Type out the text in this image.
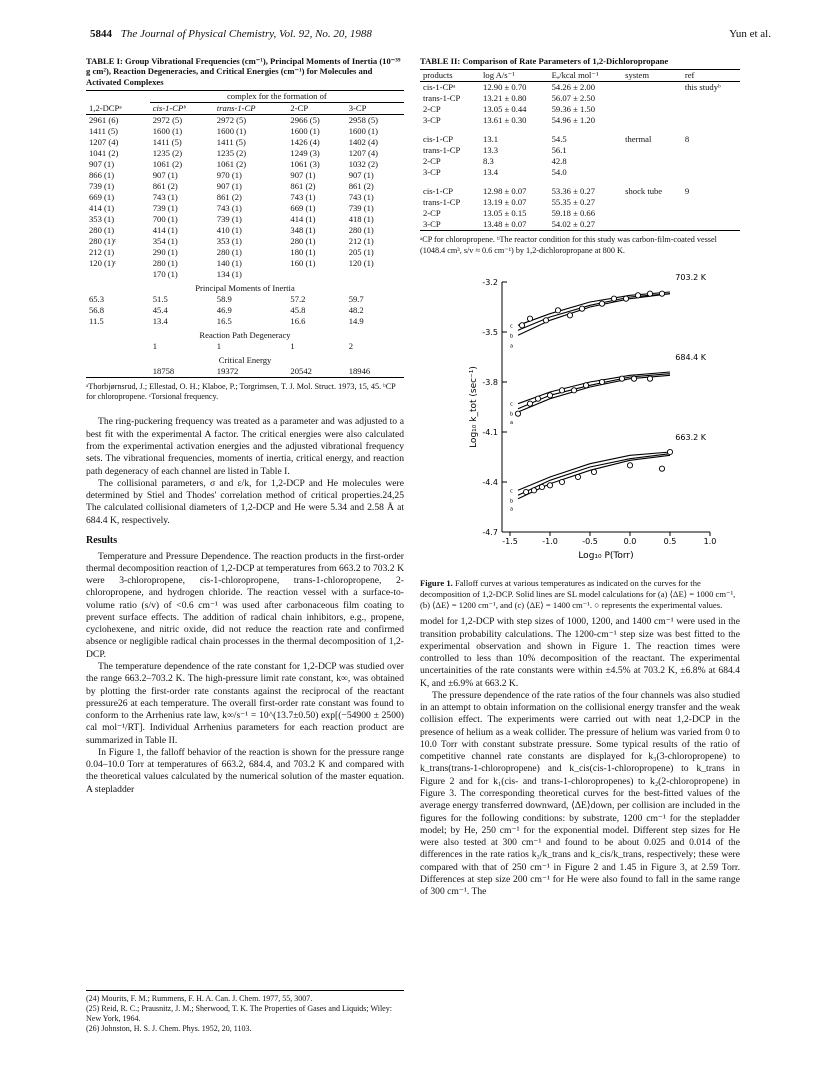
5844 The Journal of Physical Chemistry, Vol. 92, No. 20, 1988	Yun et al.
TABLE I: Group Vibrational Frequencies (cm⁻¹), Principal Moments of Inertia (10⁻³⁹ g cm²), Reaction Degeneracies, and Critical Energies (cm⁻¹) for Molecules and Activated Complexes
	complex for the formation of			
1,2-DCPᵃ	cis-1-CPᵇ	trans-1-CP	2-CP	3-CP
2961 (6)	2972 (5)	2972 (5)	2966 (5)	2958 (5)
1411 (5)	1600 (1)	1600 (1)	1600 (1)	1600 (1)
1207 (4)	1411 (5)	1411 (5)	1426 (4)	1402 (4)
1041 (2)	1235 (2)	1235 (2)	1249 (3)	1207 (4)
907 (1)	1061 (2)	1061 (2)	1061 (3)	1032 (2)
866 (1)	907 (1)	970 (1)	907 (1)	907 (1)
739 (1)	861 (2)	907 (1)	861 (2)	861 (2)
669 (1)	743 (1)	861 (2)	743 (1)	743 (1)
414 (1)	739 (1)	743 (1)	669 (1)	739 (1)
353 (1)	700 (1)	739 (1)	414 (1)	418 (1)
280 (1)	414 (1)	410 (1)	348 (1)	280 (1)
280 (1)ᶜ	354 (1)	353 (1)	280 (1)	212 (1)
212 (1)	290 (1)	280 (1)	180 (1)	205 (1)
120 (1)ᶜ	280 (1)	140 (1)	160 (1)	120 (1)
	170 (1)	134 (1)		
Principal Moments of Inertia				
65.3	51.5	58.9	57.2	59.7
56.8	45.4	46.9	45.8	48.2
11.5	13.4	16.5	16.6	14.9
Reaction Path Degeneracy				
	1	1	1	2
Critical Energy				
	18758	19372	20542	18946
ᵃThorbjørnsrud, J.; Ellestad, O. H.; Klaboe, P.; Torgrimsen, T. J. Mol. Struct. 1973, 15, 45. ᵇCP for chloropropene. ᶜTorsional frequency.

The ring-puckering frequency was treated as a parameter and was adjusted to a best fit with the experimental A factor. The critical energies were also calculated from the experimental activation energies and the adjusted vibrational frequency sets. The vibrational frequencies, moments of inertia, critical energy, and reaction path degeneracy of each channel are listed in Table I.

The collisional parameters, σ and ε/k, for 1,2-DCP and He molecules were determined by Stiel and Thodes' correlation method of critical properties.24,25 The calculated collisional diameters of 1,2-DCP and He were 5.34 and 2.58 Å at 684.4 K, respectively.

Results

Temperature and Pressure Dependence. The reaction products in the first-order thermal decomposition reaction of 1,2-DCP at temperatures from 663.2 to 703.2 K were 3-chloropropene, cis-1-chloropropene, trans-1-chloropropene, 2-chloropropene, and hydrogen chloride. The reaction vessel with a surface-to-volume ratio (s/v) of <0.6 cm⁻¹ was used after carbonaceous film coating to prevent surface effects. The addition of radical chain inhibitors, e.g., propene, cyclohexene, and nitric oxide, did not reduce the reaction rate and confirmed absence or negligible radical chain processes in the thermal decomposition of 1,2-DCP.

The temperature dependence of the rate constant for 1,2-DCP was studied over the range 663.2–703.2 K. The high-pressure limit rate constant, k∞, was obtained by plotting the first-order rate constants against the reciprocal of the reactant pressure26 at each temperature. The overall first-order rate constant was found to conform to the Arrhenius rate law, k∞/s⁻¹ = 10^(13.7±0.50) exp[(−54900 ± 2500) cal mol⁻¹/RT]. Individual Arrhenius parameters for each reaction product are summarized in Table II.

In Figure 1, the falloff behavior of the reaction is shown for the pressure range 0.04–10.0 Torr at temperatures of 663.2, 684.4, and 703.2 K and compared with the theoretical values calculated by the numerical solution of the master equation. A stepladder

(24) Mourits, F. M.; Rummens, F. H. A. Can. J. Chem. 1977, 55, 3007.
(25) Reid, R. C.; Prausnitz, J. M.; Sherwood, T. K. The Properties of Gases and Liquids; Wiley: New York, 1964.
(26) Johnston, H. S. J. Chem. Phys. 1952, 20, 1103.
TABLE II: Comparison of Rate Parameters of 1,2-Dichloropropane
products	log A/s⁻¹	Eₐ/kcal mol⁻¹	system	ref
cis-1-CPᵃ	12.90 ± 0.70	54.26 ± 2.00		this studyᵇ
trans-1-CP	13.21 ± 0.80	56.07 ± 2.50		
2-CP	13.05 ± 0.44	59.36 ± 1.50		
3-CP	13.61 ± 0.30	54.96 ± 1.20		

cis-1-CP	13.1	54.5	thermal	8
trans-1-CP	13.3	56.1		
2-CP	8.3	42.8		
3-CP	13.4	54.0		

cis-1-CP	12.98 ± 0.07	53.36 ± 0.27	shock tube	9
trans-1-CP	13.19 ± 0.07	55.35 ± 0.27		
2-CP	13.05 ± 0.15	59.18 ± 0.66		
3-CP	13.48 ± 0.07	54.02 ± 0.27		
ᵃCP for chloropropene. ᵇThe reactor condition for this study was carbon-film-coated vessel (1048.4 cm³, s/v ≈ 0.6 cm⁻¹) by 1,2-dichloropropane at 800 K.
-3.2
-3.5
-3.8
-4.1
-4.4
-4.7
-1.5	-1.0	-0.5	0.0	0.5	1.0
Log₁₀ P(Torr)
Log₁₀ k_tot (sec⁻¹)
703.2 K
c
b
a
684.4 K
c
b
a
663.2 K
c
b
a
Figure 1. Falloff curves at various temperatures as indicated on the curves for the decomposition of 1,2-DCP. Solid lines are SL model calculations for (a) ⟨ΔE⟩ = 1000 cm⁻¹, (b) ⟨ΔE⟩ = 1200 cm⁻¹, and (c) ⟨ΔE⟩ = 1400 cm⁻¹. ○ represents the experimental values.

model for 1,2-DCP with step sizes of 1000, 1200, and 1400 cm⁻¹ were used in the transition probability calculations. The 1200-cm⁻¹ step size was best fitted to the experimental observation and shown in Figure 1. The reaction times were controlled to less than 10% decomposition of the reactant. The experimental uncertainities of the rate constants were within ±4.5% at 703.2 K, ±6.8% at 684.4 K, and ±6.9% at 663.2 K.

The pressure dependence of the rate ratios of the four channels was also studied in an attempt to obtain information on the collisional energy transfer and the weak collision effect. The experiments were carried out with neat 1,2-DCP in the presence of helium as a weak collider. The pressure of helium was varied from 0 to 10.0 Torr with constant substrate pressure. Some typical results of the ratio of competitive channel rate constants are displayed for k₃(3-chloropropene) to k_trans(trans-1-chloropropene) and k_cis(cis-1-chloropropene) to k_trans in Figure 2 and for k₁(cis- and trans-1-chloropropenes) to k₂(2-chloropropene) in Figure 3. The corresponding theoretical curves for the best-fitted values of the average energy transferred downward, ⟨ΔE⟩down, per collision are included in the figures for the following conditions: by substrate, 1200 cm⁻¹ for the stepladder model; by He, 250 cm⁻¹ for the exponential model. Different step sizes for He were also tested at 300 cm⁻¹ and found to be about 0.025 and 0.014 of the differences in the rate ratios k₃/k_trans and k_cis/k_trans, respectively; these were compared with that of 250 cm⁻¹ in Figure 2 and 1.45 in Figure 3, at 2.59 Torr. Differences at step size 200 cm⁻¹ for He were also found to fall in the same range of 300 cm⁻¹. The
